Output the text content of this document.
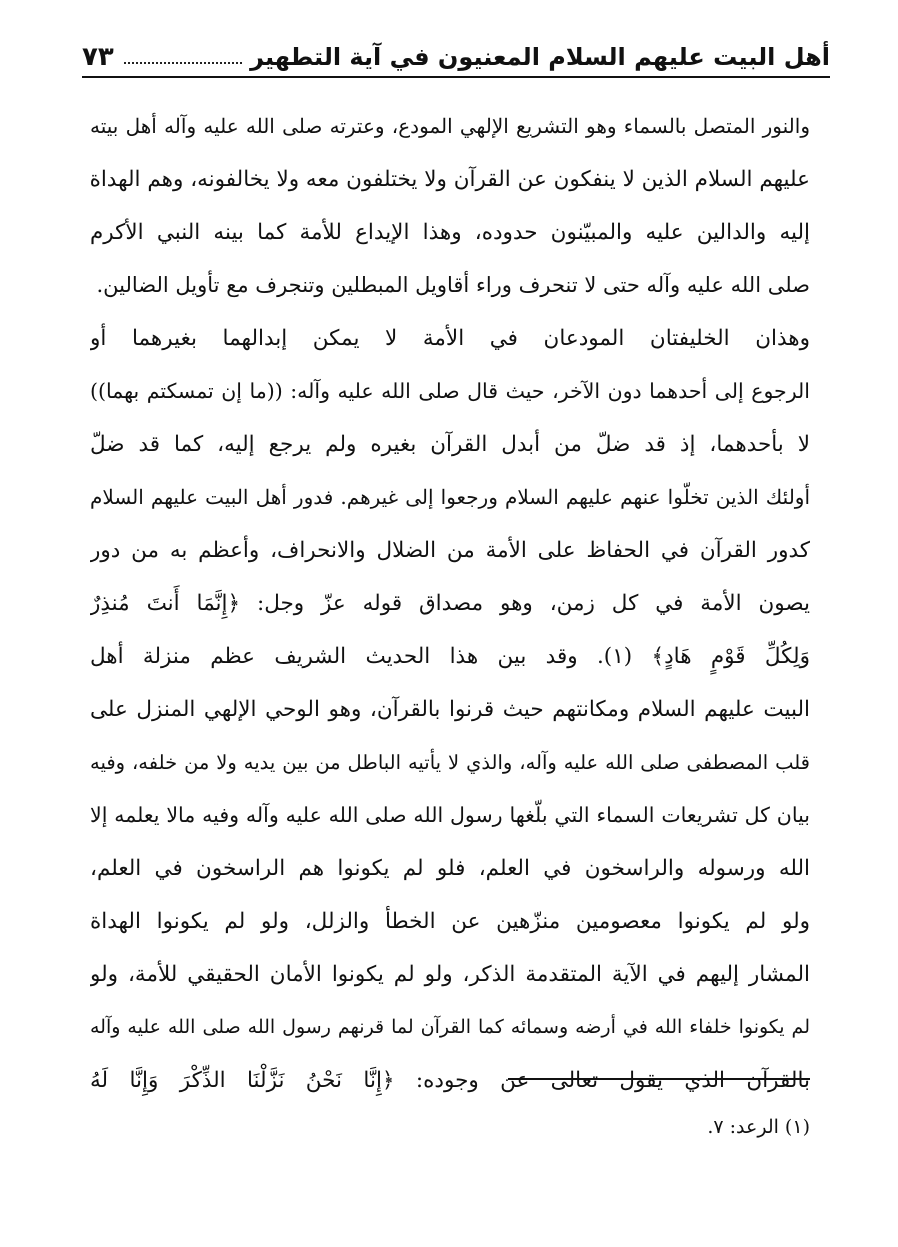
أهل البيت عليهم السلام المعنيون في آية التطهير
٧٣
والنور المتصل بالسماء وهو التشريع الإلهي المودع، وعترته صلى الله عليه وآله أهل بيته
عليهم السلام الذين لا ينفكون عن القرآن ولا يختلفون معه ولا يخالفونه، وهم الهداة
إليه والدالين عليه والمبيّنون حدوده، وهذا الإيداع للأمة كما بينه النبي الأكرم
صلى الله عليه وآله حتى لا تنحرف وراء أقاويل المبطلين وتنجرف مع تأويل الضالين.
وهذان الخليفتان المودعان في الأمة لا يمكن إبدالهما بغيرهما أو
الرجوع إلى أحدهما دون الآخر، حيث قال صلى الله عليه وآله: ((ما إن تمسكتم بهما))
لا بأحدهما، إذ قد ضلّ من أبدل القرآن بغيره ولم يرجع إليه، كما قد ضلّ
أولئك الذين تخلّوا عنهم عليهم السلام ورجعوا إلى غيرهم. فدور أهل البيت عليهم السلام
كدور القرآن في الحفاظ على الأمة من الضلال والانحراف، وأعظم به من دور
يصون الأمة في كل زمن، وهو مصداق قوله عزّ وجل: ﴿إِنَّمَا أَنتَ مُنذِرٌ
وَلِكُلِّ قَوْمٍ هَادٍ﴾ (١). وقد بين هذا الحديث الشريف عظم منزلة أهل
البيت عليهم السلام ومكانتهم حيث قرنوا بالقرآن، وهو الوحي الإلهي المنزل على
قلب المصطفى صلى الله عليه وآله، والذي لا يأتيه الباطل من بين يديه ولا من خلفه، وفيه
بيان كل تشريعات السماء التي بلّغها رسول الله صلى الله عليه وآله وفيه مالا يعلمه إلا
الله ورسوله والراسخون في العلم، فلو لم يكونوا هم الراسخون في العلم،
ولو لم يكونوا معصومين منزّهين عن الخطأ والزلل، ولو لم يكونوا الهداة
المشار إليهم في الآية المتقدمة الذكر، ولو لم يكونوا الأمان الحقيقي للأمة، ولو
لم يكونوا خلفاء الله في أرضه وسمائه كما القرآن لما قرنهم رسول الله صلى الله عليه وآله
بالقرآن الذي يقول تعالى عن وجوده: ﴿إِنَّا نَحْنُ نَزَّلْنَا الذِّكْرَ وَإِنَّا لَهُ
(١) الرعد: ٧.
